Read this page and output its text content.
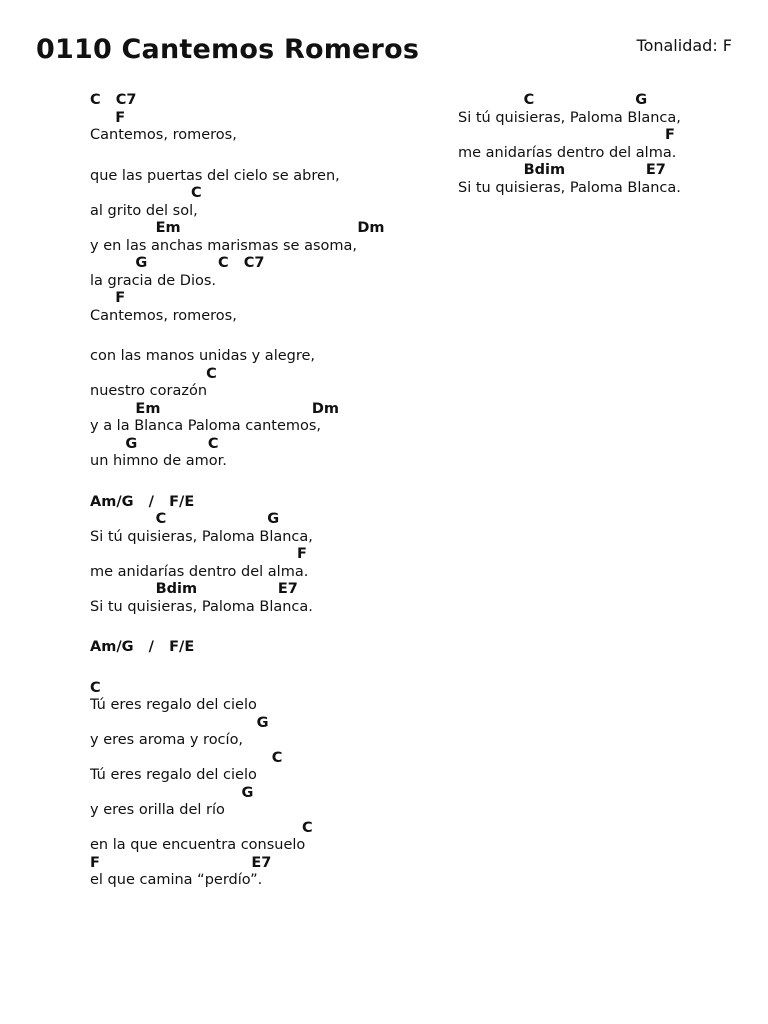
0110 Cantemos Romeros	Tonalidad: F
C   C7
F
Cantemos, romeros,
que las puertas del cielo se abren,
C
al grito del sol,
Em                                   Dm
y en las anchas marismas se asoma,
G              C   C7
la gracia de Dios.
F
Cantemos, romeros,
con las manos unidas y alegre,
C
nuestro corazón
Em                              Dm
y a la Blanca Paloma cantemos,
G              C
un himno de amor.
Am/G   /   F/E
C                    G
Si tú quisieras, Paloma Blanca,
F
me anidarías dentro del alma.
Bdim                E7
Si tu quisieras, Paloma Blanca.
Am/G   /   F/E
C
Tú eres regalo del cielo
G
y eres aroma y rocío,
C
Tú eres regalo del cielo
G
y eres orilla del río
C
en la que encuentra consuelo
F                              E7
el que camina “perdío”.
C                    G
Si tú quisieras, Paloma Blanca,
F
me anidarías dentro del alma.
Bdim                E7
Si tu quisieras, Paloma Blanca.
